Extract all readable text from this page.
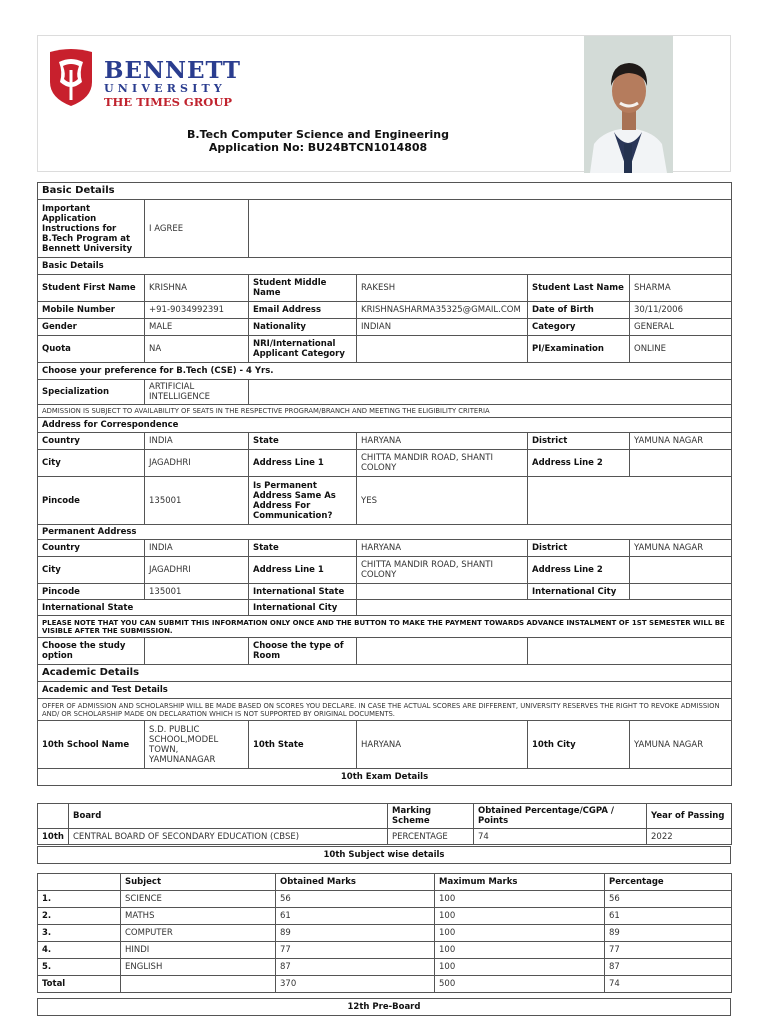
BENNETT
UNIVERSITY
THE TIMES GROUP
B.Tech Computer Science and Engineering
Application No: BU24BTCN1014808
Basic Details					
Important Application Instructions for B.Tech Program at Bennett University	I AGREE				
Basic Details					
Student First Name	KRISHNA	Student Middle Name	RAKESH	Student Last Name	SHARMA
Mobile Number	+91-9034992391	Email Address	KRISHNASHARMA35325@GMAIL.COM	Date of Birth	30/11/2006
Gender	MALE	Nationality	INDIAN	Category	GENERAL
Quota	NA	NRI/International Applicant Category		PI/Examination	ONLINE
Choose your preference for B.Tech (CSE) - 4 Yrs.					
Specialization	ARTIFICIAL INTELLIGENCE				
ADMISSION IS SUBJECT TO AVAILABILITY OF SEATS IN THE RESPECTIVE PROGRAM/BRANCH AND MEETING THE ELIGIBILITY CRITERIA					
Address for Correspondence					
Country	INDIA	State	HARYANA	District	YAMUNA NAGAR
City	JAGADHRI	Address Line 1	CHITTA MANDIR ROAD, SHANTI COLONY	Address Line 2	
Pincode	135001	Is Permanent Address Same As Address For Communication?	YES		
Permanent Address					
Country	INDIA	State	HARYANA	District	YAMUNA NAGAR
City	JAGADHRI	Address Line 1	CHITTA MANDIR ROAD, SHANTI COLONY	Address Line 2	
Pincode	135001	International State		International City	
International State		International City			
PLEASE NOTE THAT YOU CAN SUBMIT THIS INFORMATION ONLY ONCE AND THE BUTTON TO MAKE THE PAYMENT TOWARDS ADVANCE INSTALMENT OF 1ST SEMESTER WILL BE VISIBLE AFTER THE SUBMISSION.					
Choose the study option		Choose the type of Room			
Academic Details					
Academic and Test Details					
OFFER OF ADMISSION AND SCHOLARSHIP WILL BE MADE BASED ON SCORES YOU DECLARE. IN CASE THE ACTUAL SCORES ARE DIFFERENT, UNIVERSITY RESERVES THE RIGHT TO REVOKE ADMISSION AND/ OR SCHOLARSHIP MADE ON DECLARATION WHICH IS NOT SUPPORTED BY ORIGINAL DOCUMENTS.					
10th School Name	S.D. PUBLIC SCHOOL,MODEL TOWN, YAMUNANAGAR	10th State	HARYANA	10th City	YAMUNA NAGAR
10th Exam Details					
	Board	Marking Scheme	Obtained Percentage/CGPA / Points	Year of Passing
10th	CENTRAL BOARD OF SECONDARY EDUCATION (CBSE)	PERCENTAGE	74	2022
10th Subject wise details
	Subject	Obtained Marks	Maximum Marks	Percentage
1.	SCIENCE	56	100	56
2.	MATHS	61	100	61
3.	COMPUTER	89	100	89
4.	HINDI	77	100	77
5.	ENGLISH	87	100	87
Total		370	500	74
12th Pre-Board
